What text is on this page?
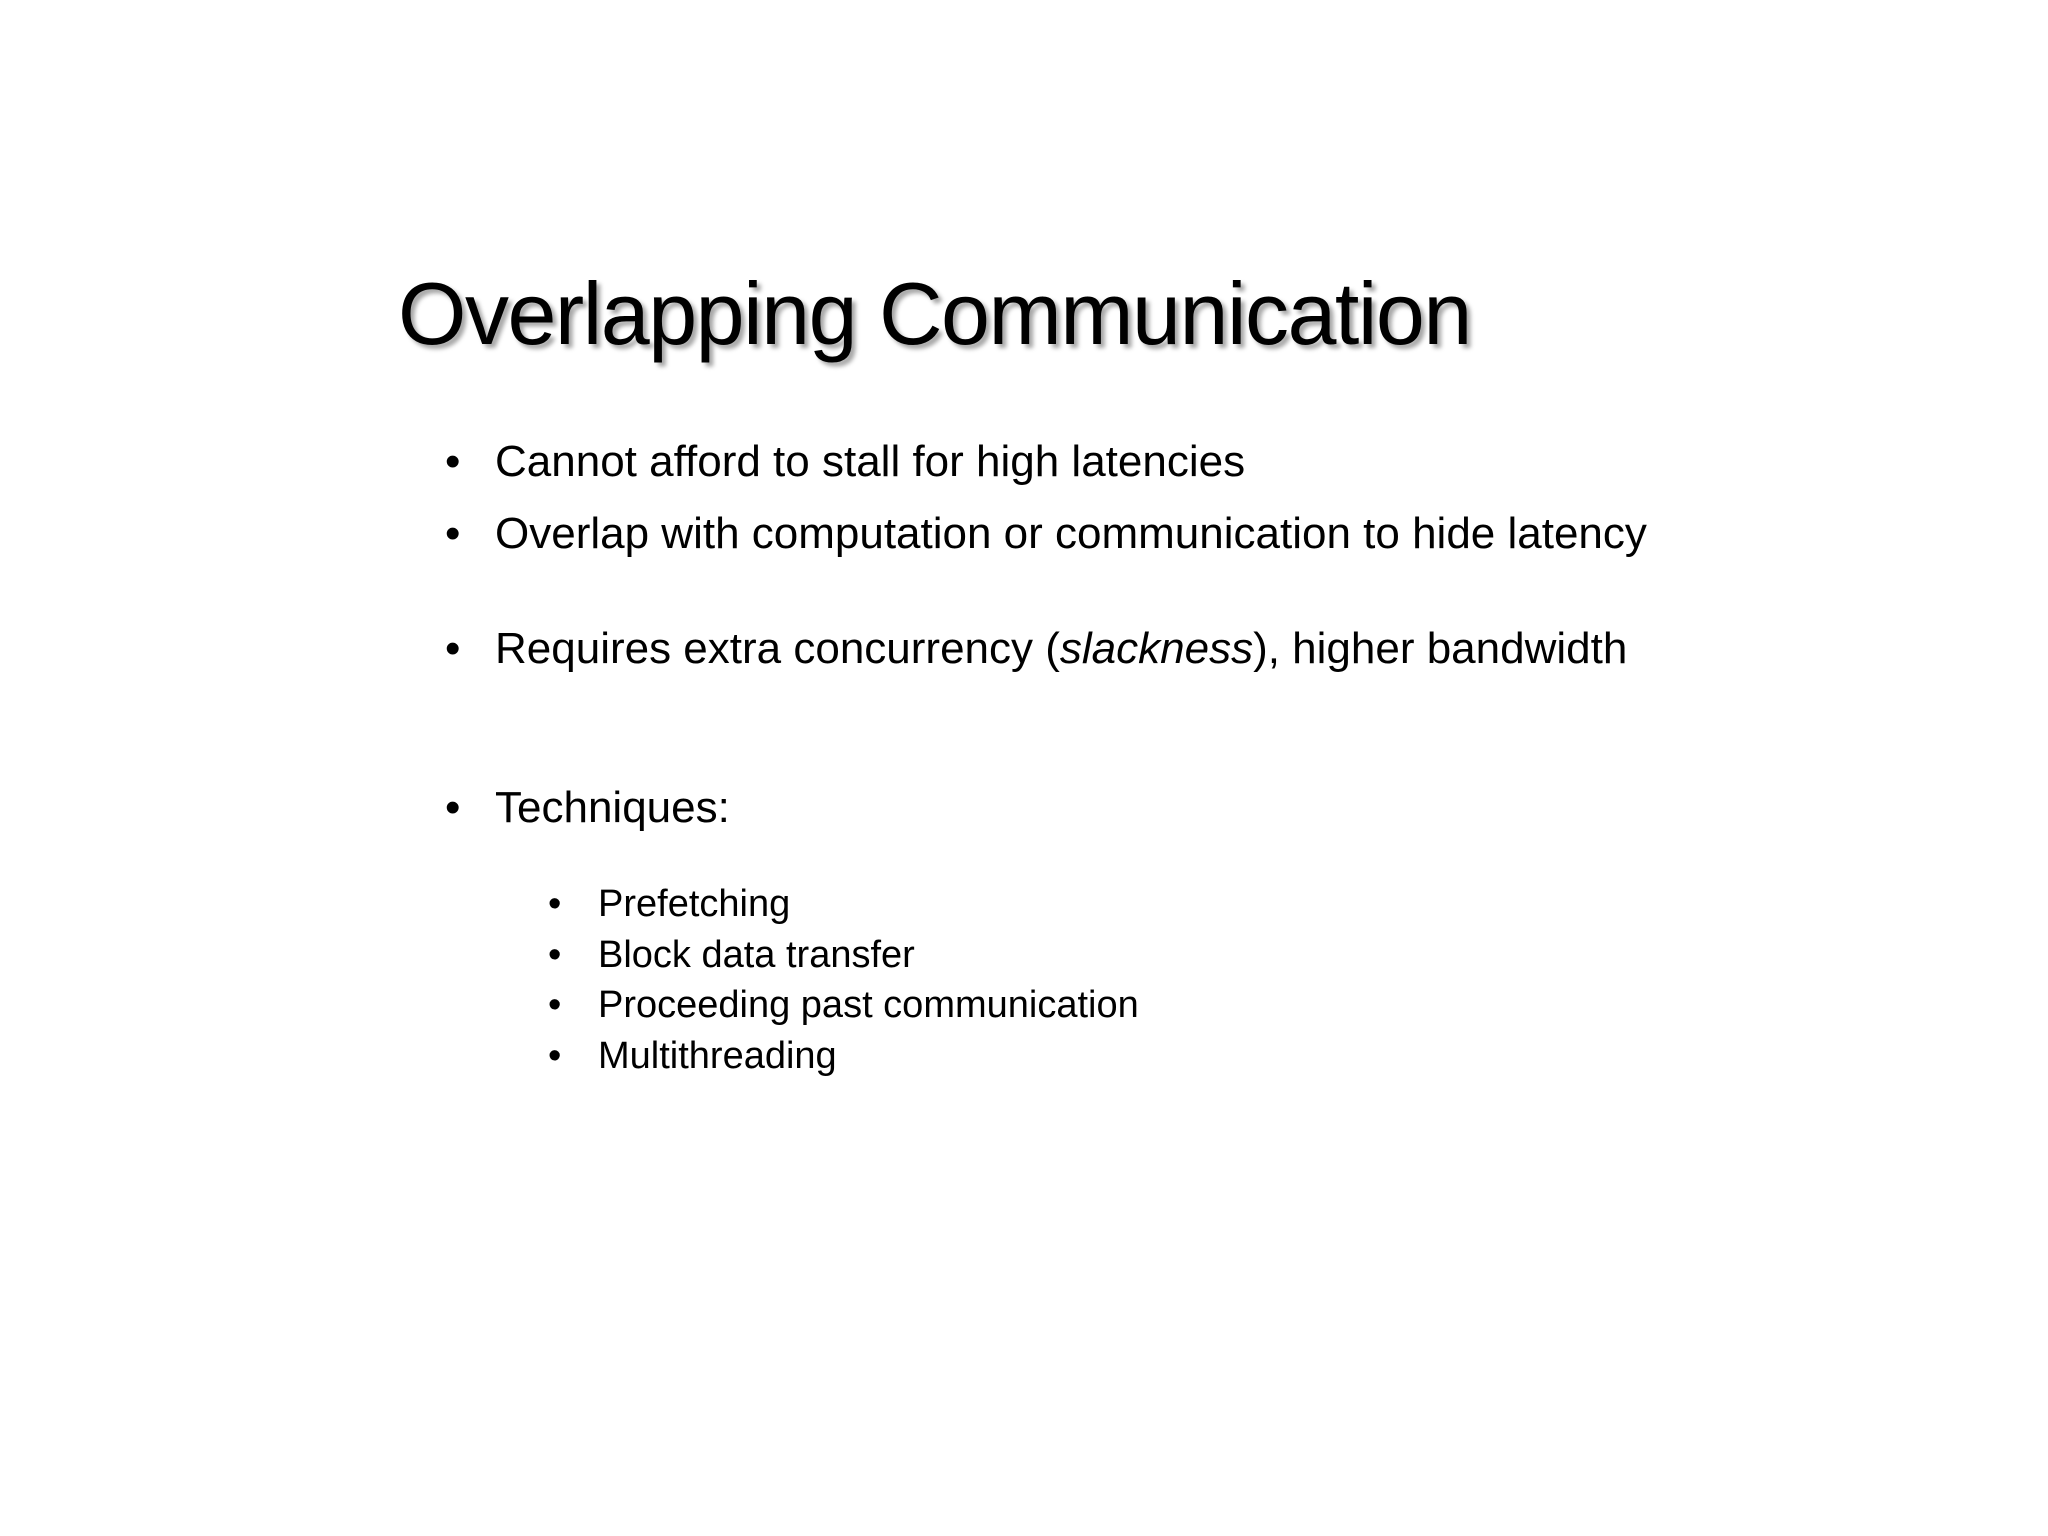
Overlapping Communication
• Cannot afford to stall for high latencies
• Overlap with computation or communication to hide latency
• Requires extra concurrency (slackness), higher bandwidth
• Techniques:
• Prefetching
• Block data transfer
• Proceeding past communication
• Multithreading
